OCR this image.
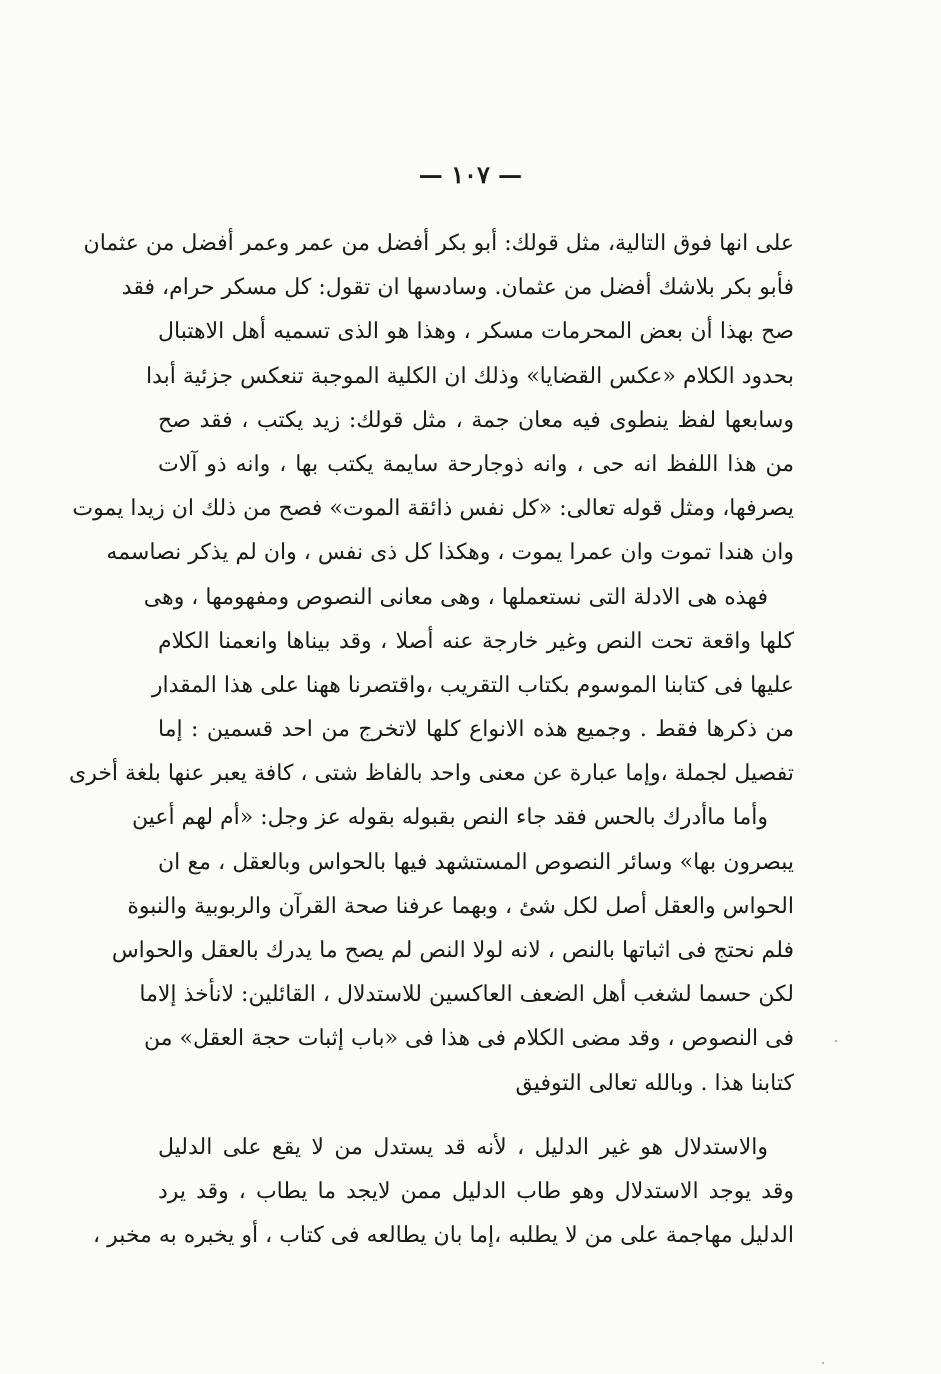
— ١٠٧ —
على انها فوق التالية، مثل قولك: أبو بكر أفضل من عمر وعمر أفضل من عثمان
فأبو بكر بلاشك أفضل من عثمان. وسادسها ان تقول: كل مسكر حرام، فقد
صح بهذا أن بعض المحرمات مسكر ، وهذا هو الذى تسميه أهل الاهتبال
بحدود الكلام «عكس القضايا» وذلك ان الكلية الموجبة تنعكس جزئية أبدا
وسابعها لفظ ينطوى فيه معان جمة ، مثل قولك: زيد يكتب ، فقد صح
من هذا اللفظ انه حى ، وانه ذوجارحة سايمة يكتب بها ، وانه ذو آلات
يصرفها، ومثل قوله تعالى: «كل نفس ذائقة الموت» فصح من ذلك ان زيدا يموت
وان هندا تموت وان عمرا يموت ، وهكذا كل ذى نفس ، وان لم يذكر نصاسمه
فهذه هى الادلة التى نستعملها ، وهى معانى النصوص ومفهومها ، وهى
كلها واقعة تحت النص وغير خارجة عنه أصلا ، وقد بيناها وانعمنا الكلام
عليها فى كتابنا الموسوم بكتاب التقريب ،واقتصرنا ههنا على هذا المقدار
من ذكرها فقط . وجميع هذه الانواع كلها لاتخرج من احد قسمين : إما
تفصيل لجملة ،وإما عبارة عن معنى واحد بالفاظ شتى ، كافة يعبر عنها بلغة أخرى
وأما ماأدرك بالحس فقد جاء النص بقبوله بقوله عز وجل: «أم لهم أعين
يبصرون بها» وسائر النصوص المستشهد فيها بالحواس وبالعقل ، مع ان
الحواس والعقل أصل لكل شئ ، وبهما عرفنا صحة القرآن والربوبية والنبوة
فلم نحتج فى اثباتها بالنص ، لانه لولا النص لم يصح ما يدرك بالعقل والحواس
لكن حسما لشغب أهل الضعف العاكسين للاستدلال ، القائلين: لانأخذ إلاما
فى النصوص ، وقد مضى الكلام فى هذا فى «باب إثبات حجة العقل» من
كتابنا هذا . وبالله تعالى التوفيق
والاستدلال هو غير الدليل ، لأنه قد يستدل من لا يقع على الدليل
وقد يوجد الاستدلال وهو طاب الدليل ممن لايجد ما يطاب ، وقد يرد
الدليل مهاجمة على من لا يطلبه ،إما بان يطالعه فى كتاب ، أو يخبره به مخبر ،
